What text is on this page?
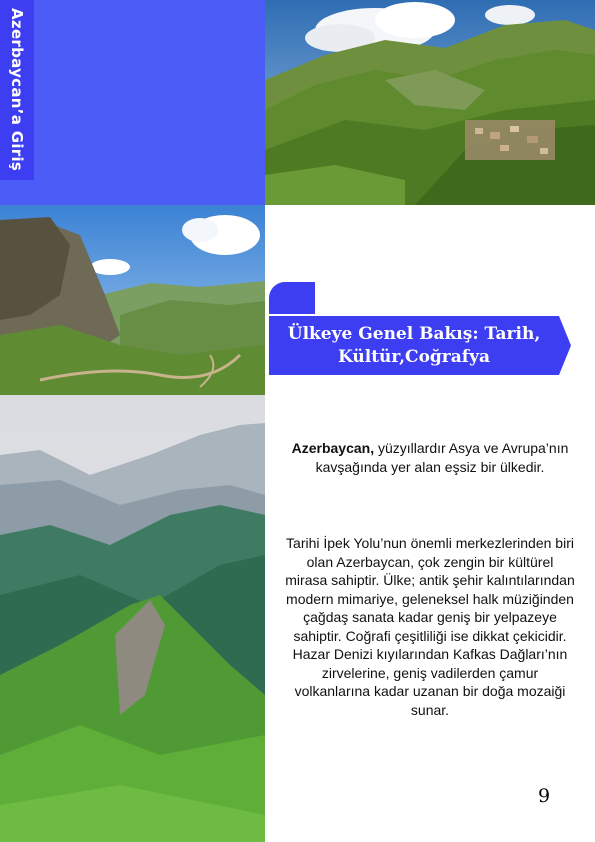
Azerbaycan’a Giriş
Ülkeye Genel Bakış: Tarih,
Kültür,Coğrafya

Azerbaycan, yüzyıllardır Asya ve Avrupa’nın kavşağında yer alan eşsiz bir ülkedir.

Tarihi İpek Yolu’nun önemli merkezlerinden biri olan Azerbaycan, çok zengin bir kültürel mirasa sahiptir. Ülke; antik şehir kalıntılarından modern mimariye, geleneksel halk müziğinden çağdaş sanata kadar geniş bir yelpazeye sahiptir. Coğrafi çeşitliliği ise dikkat çekicidir. Hazar Denizi kıyılarından Kafkas Dağları’nın zirvelerine, geniş vadilerden çamur volkanlarına kadar uzanan bir doğa mozaiği sunar.

9
